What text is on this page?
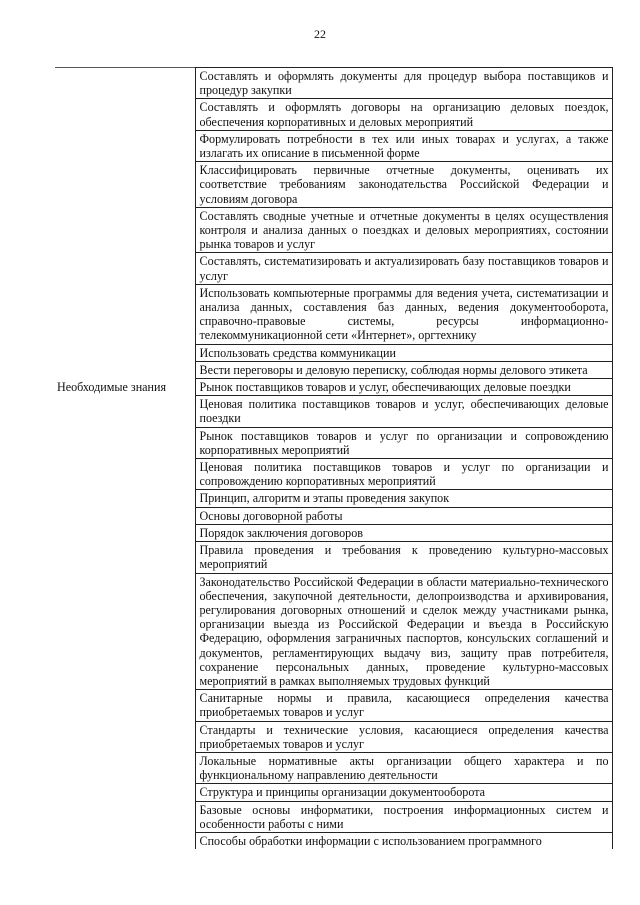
22
	Составлять и оформлять документы для процедур выбора поставщиков и процедур закупки
	Составлять и оформлять договоры на организацию деловых поездок, обеспечения корпоративных и деловых мероприятий
	Формулировать потребности в тех или иных товарах и услугах, а также излагать их описание в письменной форме
	Классифицировать первичные отчетные документы, оценивать их соответствие требованиям законодательства Российской Федерации и условиям договора
	Составлять сводные учетные и отчетные документы в целях осуществления контроля и анализа данных о поездках и деловых мероприятиях, состоянии рынка товаров и услуг
	Составлять, систематизировать и актуализировать базу поставщиков товаров и услуг
	Использовать компьютерные программы для ведения учета, систематизации и анализа данных, составления баз данных, ведения документооборота, справочно-правовые системы, ресурсы информационно-телекоммуникационной сети «Интернет», оргтехнику
	Использовать средства коммуникации
	Вести переговоры и деловую переписку, соблюдая нормы делового этикета
Необходимые знания	Рынок поставщиков товаров и услуг, обеспечивающих деловые поездки
	Ценовая политика поставщиков товаров и услуг, обеспечивающих деловые поездки
	Рынок поставщиков товаров и услуг по организации и сопровождению корпоративных мероприятий
	Ценовая политика поставщиков товаров и услуг по организации и сопровождению корпоративных мероприятий
	Принцип, алгоритм и этапы проведения закупок
	Основы договорной работы
	Порядок заключения договоров
	Правила проведения и требования к проведению культурно-массовых мероприятий
	Законодательство Российской Федерации в области материально-технического обеспечения, закупочной деятельности, делопроизводства и архивирования, регулирования договорных отношений и сделок между участниками рынка, организации выезда из Российской Федерации и въезда в Российскую Федерацию, оформления заграничных паспортов, консульских соглашений и документов, регламентирующих выдачу виз, защиту прав потребителя, сохранение персональных данных, проведение культурно-массовых мероприятий в рамках выполняемых трудовых функций
	Санитарные нормы и правила, касающиеся определения качества приобретаемых товаров и услуг
	Стандарты и технические условия, касающиеся определения качества приобретаемых товаров и услуг
	Локальные нормативные акты организации общего характера и по функциональному направлению деятельности
	Структура и принципы организации документооборота
	Базовые основы информатики, построения информационных систем и особенности работы с ними
	Способы обработки информации с использованием программного
